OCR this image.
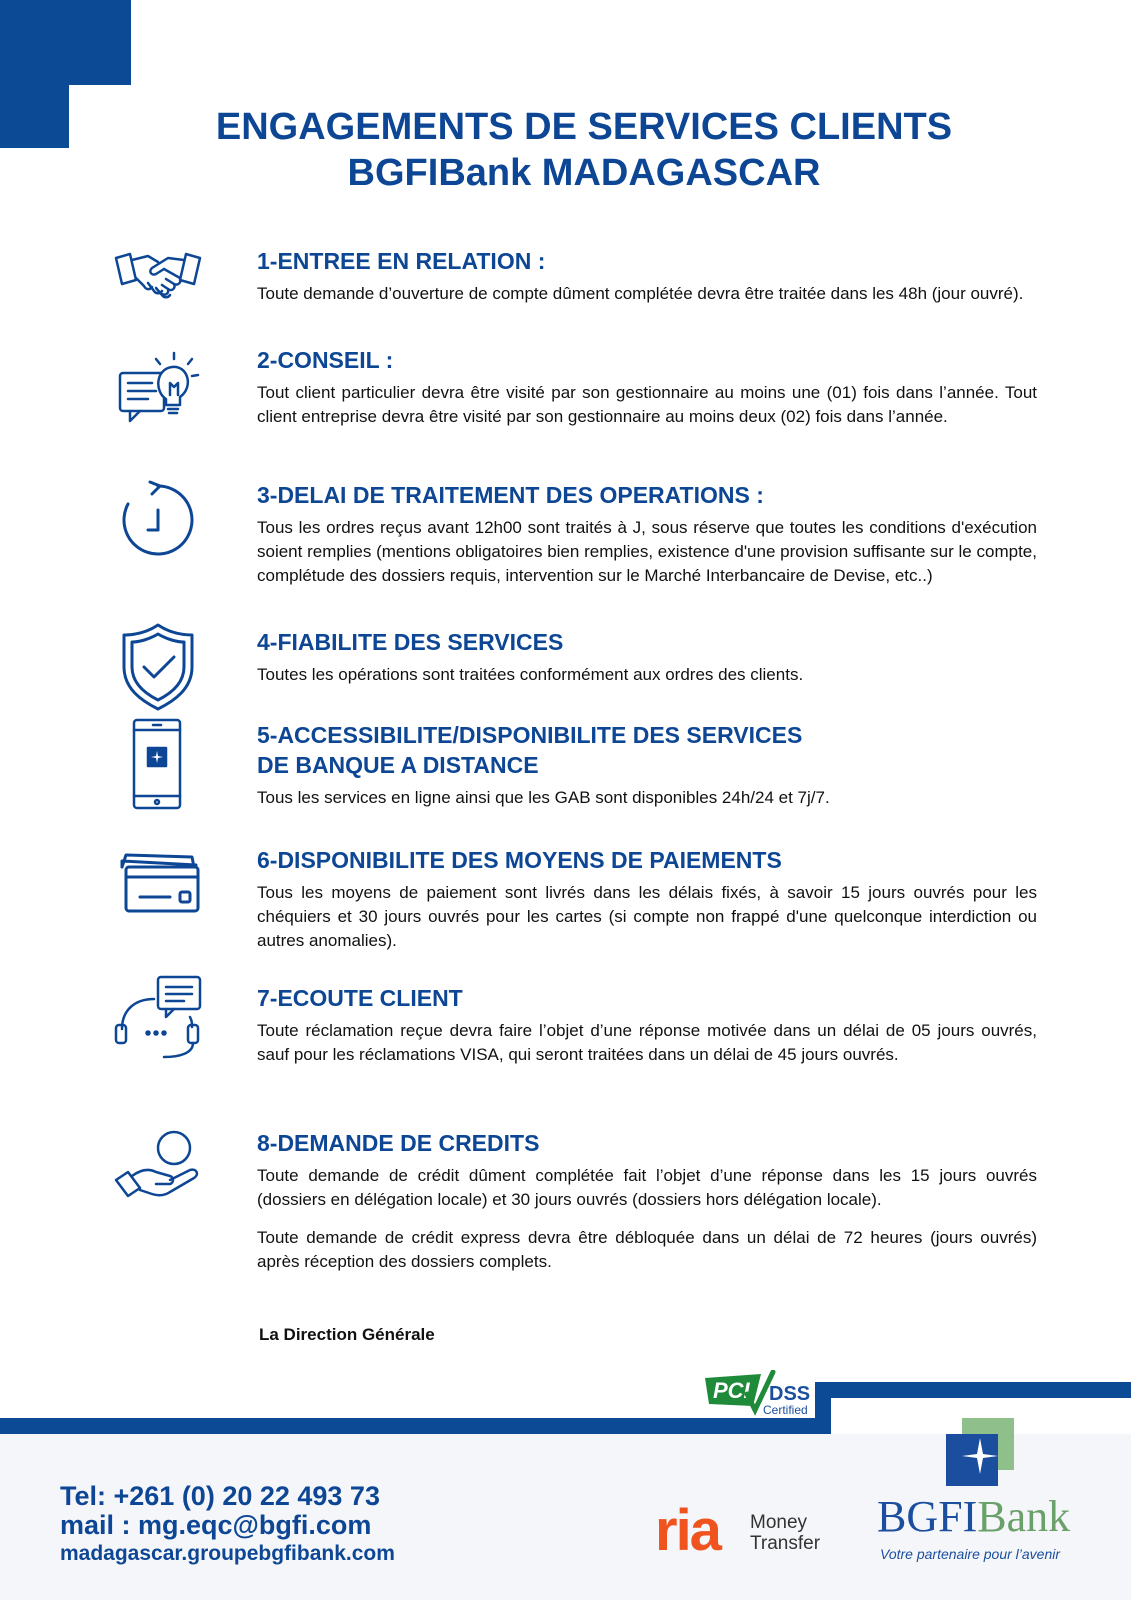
ENGAGEMENTS DE SERVICES CLIENTS
BGFIBank MADAGASCAR
1-ENTREE EN RELATION :
Toute demande d’ouverture de compte dûment complétée devra être traitée dans les 48h (jour ouvré).
2-CONSEIL :
Tout client particulier devra être visité par son gestionnaire au moins une (01) fois dans l’année. Tout client entreprise devra être visité par son gestionnaire au moins deux (02) fois dans l’année.
3-DELAI DE TRAITEMENT DES OPERATIONS :
Tous les ordres reçus avant 12h00 sont traités à J, sous réserve que toutes les conditions d'exécution soient remplies (mentions obligatoires bien remplies, existence d'une provision suffisante sur le compte, complétude des dossiers requis, intervention sur le Marché Interbancaire de Devise, etc..)
4-FIABILITE DES SERVICES
Toutes les opérations sont traitées conformément aux ordres des clients.
5-ACCESSIBILITE/DISPONIBILITE DES SERVICES
DE BANQUE A DISTANCE
Tous les services en ligne ainsi que les GAB sont disponibles 24h/24 et 7j/7.
6-DISPONIBILITE DES MOYENS DE PAIEMENTS
Tous les moyens de paiement sont livrés dans les délais fixés, à savoir 15 jours ouvrés pour les chéquiers et 30 jours ouvrés pour les cartes (si compte non frappé d'une quelconque interdiction ou autres anomalies).
7-ECOUTE CLIENT
Toute réclamation reçue devra faire l’objet d’une réponse motivée dans un délai de 05 jours ouvrés, sauf pour les réclamations VISA, qui seront traitées dans un délai de 45 jours ouvrés.
8-DEMANDE DE CREDITS
Toute demande de crédit dûment complétée fait l’objet d’une réponse dans les 15 jours ouvrés (dossiers en délégation locale) et 30 jours ouvrés (dossiers hors délégation locale).
Toute demande de crédit express devra être débloquée dans un délai de 72 heures (jours ouvrés) après réception des dossiers complets.
La Direction Générale
PCI DSS
Certified
Tel: +261 (0) 20 22 493 73
mail : mg.eqc@bgfi.com
madagascar.groupebgfibank.com	ria Money
Transfer
BGFIBank
Votre partenaire pour l’avenir
